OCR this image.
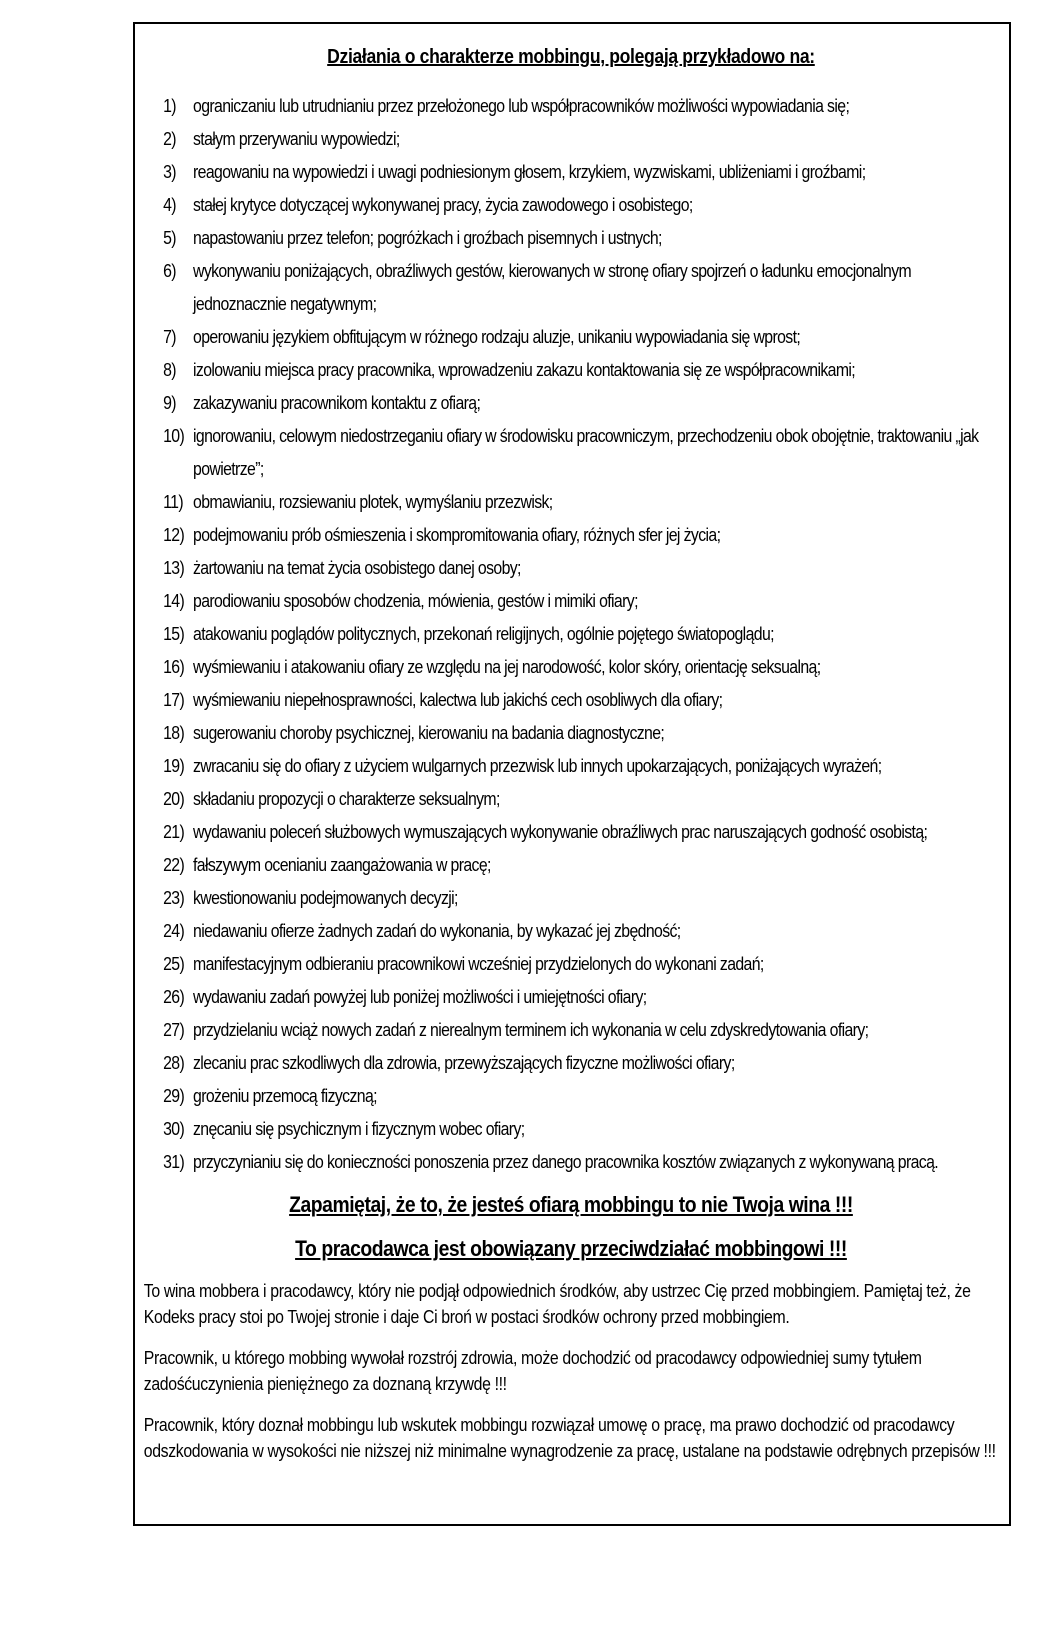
Działania o charakterze mobbingu, polegają przykładowo na:
1) ograniczaniu lub utrudnianiu przez przełożonego lub współpracowników możliwości wypowiadania się;
2) stałym przerywaniu wypowiedzi;
3) reagowaniu na wypowiedzi i uwagi podniesionym głosem, krzykiem, wyzwiskami, ubliżeniami i groźbami;
4) stałej krytyce dotyczącej wykonywanej pracy, życia zawodowego i osobistego;
5) napastowaniu przez telefon; pogróżkach i groźbach pisemnych i ustnych;
6) wykonywaniu poniżających, obraźliwych gestów, kierowanych w stronę ofiary spojrzeń o ładunku emocjonalnym jednoznacznie negatywnym;
7) operowaniu językiem obfitującym w różnego rodzaju aluzje, unikaniu wypowiadania się wprost;
8) izolowaniu miejsca pracy pracownika, wprowadzeniu zakazu kontaktowania się ze współpracownikami;
9) zakazywaniu pracownikom kontaktu z ofiarą;
10) ignorowaniu, celowym niedostrzeganiu ofiary w środowisku pracowniczym, przechodzeniu obok obojętnie, traktowaniu „jak powietrze”;
11) obmawianiu, rozsiewaniu plotek, wymyślaniu przezwisk;
12) podejmowaniu prób ośmieszenia i skompromitowania ofiary, różnych sfer jej życia;
13) żartowaniu na temat życia osobistego danej osoby;
14) parodiowaniu sposobów chodzenia, mówienia, gestów i mimiki ofiary;
15) atakowaniu poglądów politycznych, przekonań religijnych, ogólnie pojętego światopoglądu;
16) wyśmiewaniu i atakowaniu ofiary ze względu na jej narodowość, kolor skóry, orientację seksualną;
17) wyśmiewaniu niepełnosprawności, kalectwa lub jakichś cech osobliwych dla ofiary;
18) sugerowaniu choroby psychicznej, kierowaniu na badania diagnostyczne;
19) zwracaniu się do ofiary z użyciem wulgarnych przezwisk lub innych upokarzających, poniżających wyrażeń;
20) składaniu propozycji o charakterze seksualnym;
21) wydawaniu poleceń służbowych wymuszających wykonywanie obraźliwych prac naruszających godność osobistą;
22) fałszywym ocenianiu zaangażowania w pracę;
23) kwestionowaniu podejmowanych decyzji;
24) niedawaniu ofierze żadnych zadań do wykonania, by wykazać jej zbędność;
25) manifestacyjnym odbieraniu pracownikowi wcześniej przydzielonych do wykonani zadań;
26) wydawaniu zadań powyżej lub poniżej możliwości i umiejętności ofiary;
27) przydzielaniu wciąż nowych zadań z nierealnym terminem ich wykonania w celu zdyskredytowania ofiary;
28) zlecaniu prac szkodliwych dla zdrowia, przewyższających fizyczne możliwości ofiary;
29) grożeniu przemocą fizyczną;
30) znęcaniu się psychicznym i fizycznym wobec ofiary;
31) przyczynianiu się do konieczności ponoszenia przez danego pracownika kosztów związanych z wykonywaną pracą.

Zapamiętaj, że to, że jesteś ofiarą mobbingu to nie Twoja wina !!!

To pracodawca jest obowiązany przeciwdziałać mobbingowi !!!

To wina mobbera i pracodawcy, który nie podjął odpowiednich środków, aby ustrzec Cię przed mobbingiem. Pamiętaj też, że Kodeks pracy stoi po Twojej stronie i daje Ci broń w postaci środków ochrony przed mobbingiem.

Pracownik, u którego mobbing wywołał rozstrój zdrowia, może dochodzić od pracodawcy odpowiedniej sumy tytułem zadośćuczynienia pieniężnego za doznaną krzywdę !!!

Pracownik, który doznał mobbingu lub wskutek mobbingu rozwiązał umowę o pracę, ma prawo dochodzić od pracodawcy odszkodowania w wysokości nie niższej niż minimalne wynagrodzenie za pracę, ustalane na podstawie odrębnych przepisów !!!
